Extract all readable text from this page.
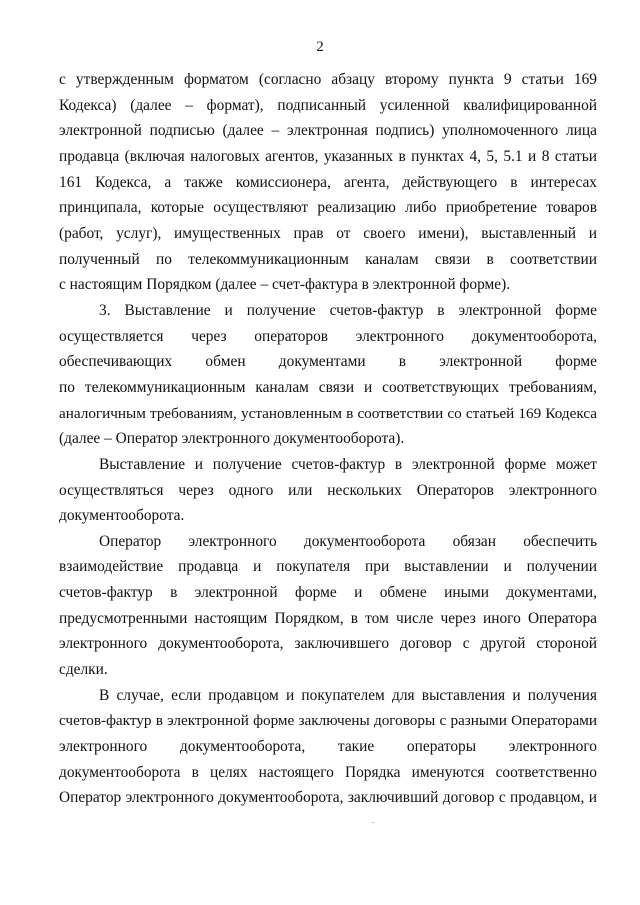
2

с утвержденным форматом (согласно абзацу второму пункта 9 статьи 169
Кодекса) (далее – формат), подписанный усиленной квалифицированной
электронной подписью (далее – электронная подпись) уполномоченного лица
продавца (включая налоговых агентов, указанных в пунктах 4, 5, 5.1 и 8 статьи
161 Кодекса, а также комиссионера, агента, действующего в интересах
принципала, которые осуществляют реализацию либо приобретение товаров
(работ, услуг), имущественных прав от своего имени), выставленный и
полученный по телекоммуникационным каналам связи в соответствии
с настоящим Порядком (далее – счет-фактура в электронной форме).

3. Выставление и получение счетов-фактур в электронной форме
осуществляется через операторов электронного документооборота,
обеспечивающих обмен документами в электронной форме
по телекоммуникационным каналам связи и соответствующих требованиям,
аналогичным требованиям, установленным в соответствии со статьей 169 Кодекса
(далее – Оператор электронного документооборота).

Выставление и получение счетов-фактур в электронной форме может
осуществляться через одного или нескольких Операторов электронного
документооборота.

Оператор электронного документооборота обязан обеспечить
взаимодействие продавца и покупателя при выставлении и получении
счетов-фактур в электронной форме и обмене иными документами,
предусмотренными настоящим Порядком, в том числе через иного Оператора
электронного документооборота, заключившего договор с другой стороной
сделки.

В случае, если продавцом и покупателем для выставления и получения
счетов-фактур в электронной форме заключены договоры с разными Операторами
электронного документооборота, такие операторы электронного
документооборота в целях настоящего Порядка именуются соответственно
Оператор электронного документооборота, заключивший договор с продавцом, и
